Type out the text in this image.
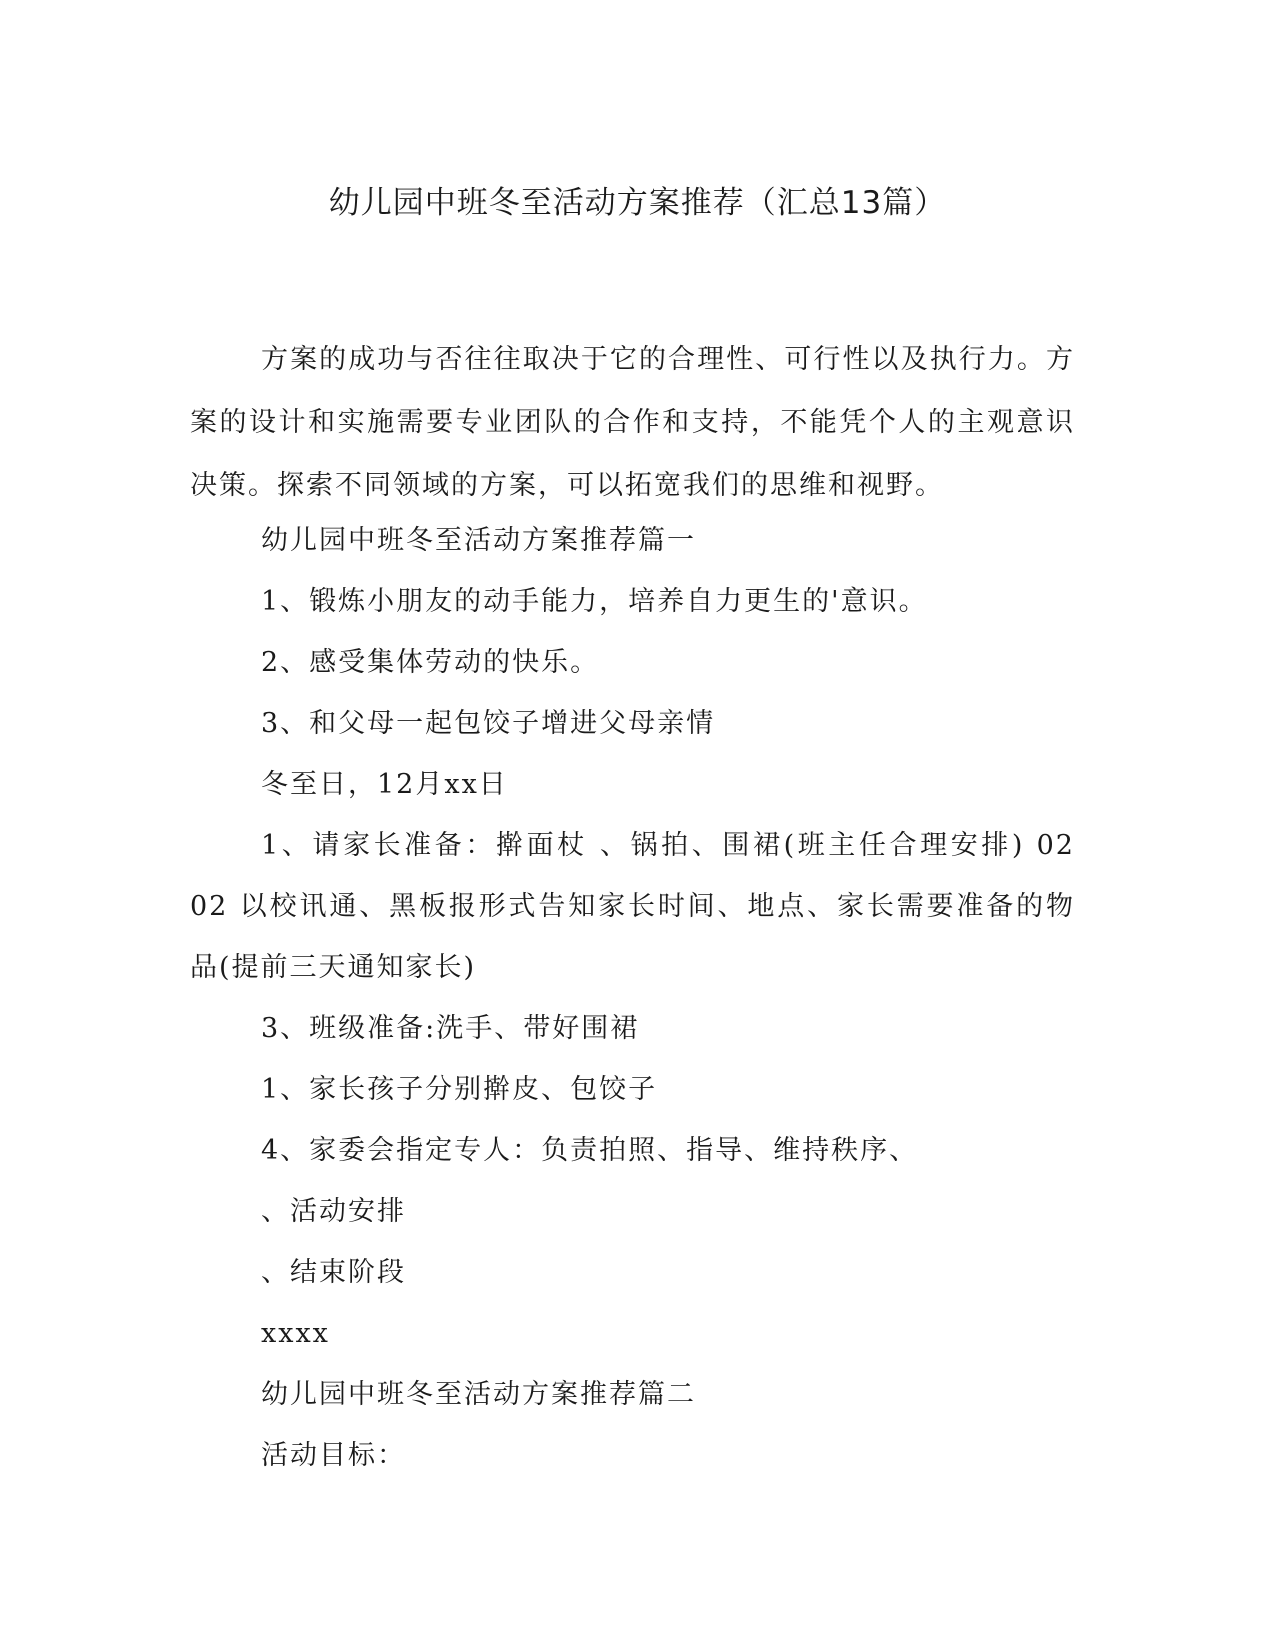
幼儿园中班冬至活动方案推荐（汇总13篇）
方案的成功与否往往取决于它的合理性、可行性以及执行力。方案的设计和实施需要专业团队的合作和支持，不能凭个人的主观意识决策。探索不同领域的方案，可以拓宽我们的思维和视野。

幼儿园中班冬至活动方案推荐篇一

1、锻炼小朋友的动手能力，培养自力更生的'意识。

2、感受集体劳动的快乐。

3、和父母一起包饺子增进父母亲情

冬至日，12月xx日

1、请家长准备：擀面杖 、锅拍、围裙(班主任合理安排) 02 02 以校讯通、黑板报形式告知家长时间、地点、家长需要准备的物品(提前三天通知家长)

3、班级准备:洗手、带好围裙

1、家长孩子分别擀皮、包饺子

4、家委会指定专人：负责拍照、指导、维持秩序、

、活动安排

、结束阶段

xxxx

幼儿园中班冬至活动方案推荐篇二

活动目标：
